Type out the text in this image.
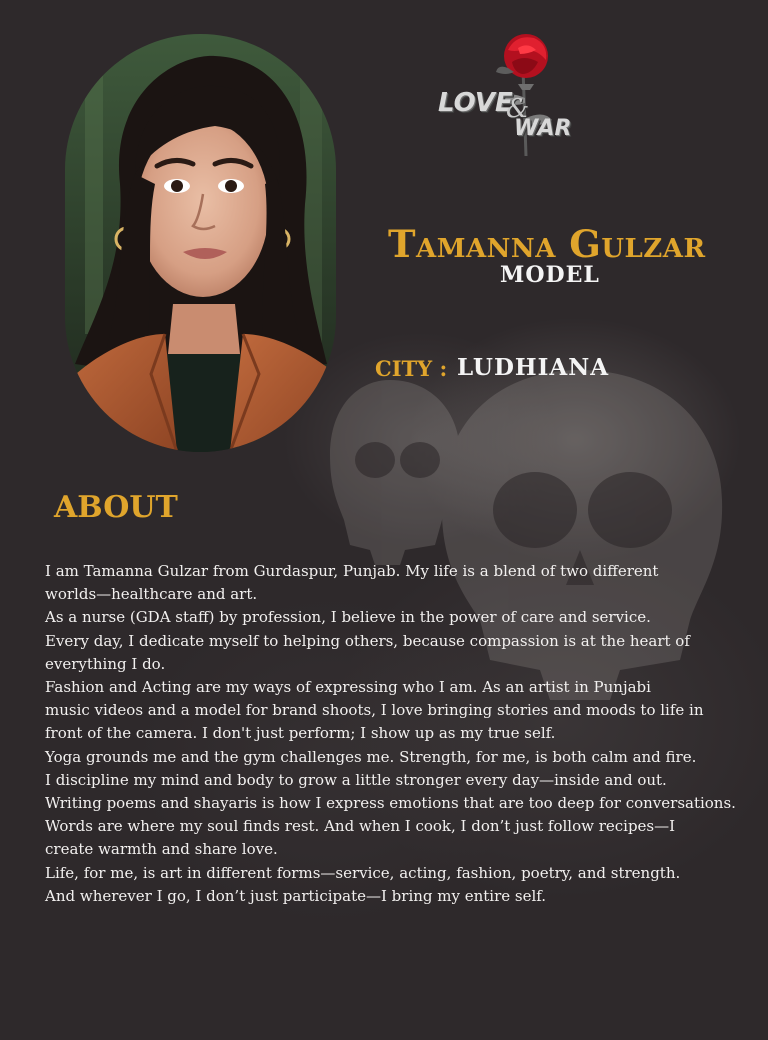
LOVE
&
WAR
Tamanna Gulzar
MODEL
CITY : LUDHIANA
ABOUT
I am Tamanna Gulzar from Gurdaspur, Punjab. My life is a blend of two different
worlds—healthcare and art.
As a nurse (GDA staff) by profession, I believe in the power of care and service.
Every day, I dedicate myself to helping others, because compassion is at the heart of
everything I do.
Fashion and Acting are my ways of expressing who I am. As an artist in Punjabi
music videos and a model for brand shoots, I love bringing stories and moods to life in
front of the camera. I don't just perform; I show up as my true self.
Yoga grounds me and the gym challenges me. Strength, for me, is both calm and fire.
I discipline my mind and body to grow a little stronger every day—inside and out.
Writing poems and shayaris is how I express emotions that are too deep for conversations.
Words are where my soul finds rest. And when I cook, I don’t just follow recipes—I
create warmth and share love.
Life, for me, is art in different forms—service, acting, fashion, poetry, and strength.
And wherever I go, I don’t just participate—I bring my entire self.
